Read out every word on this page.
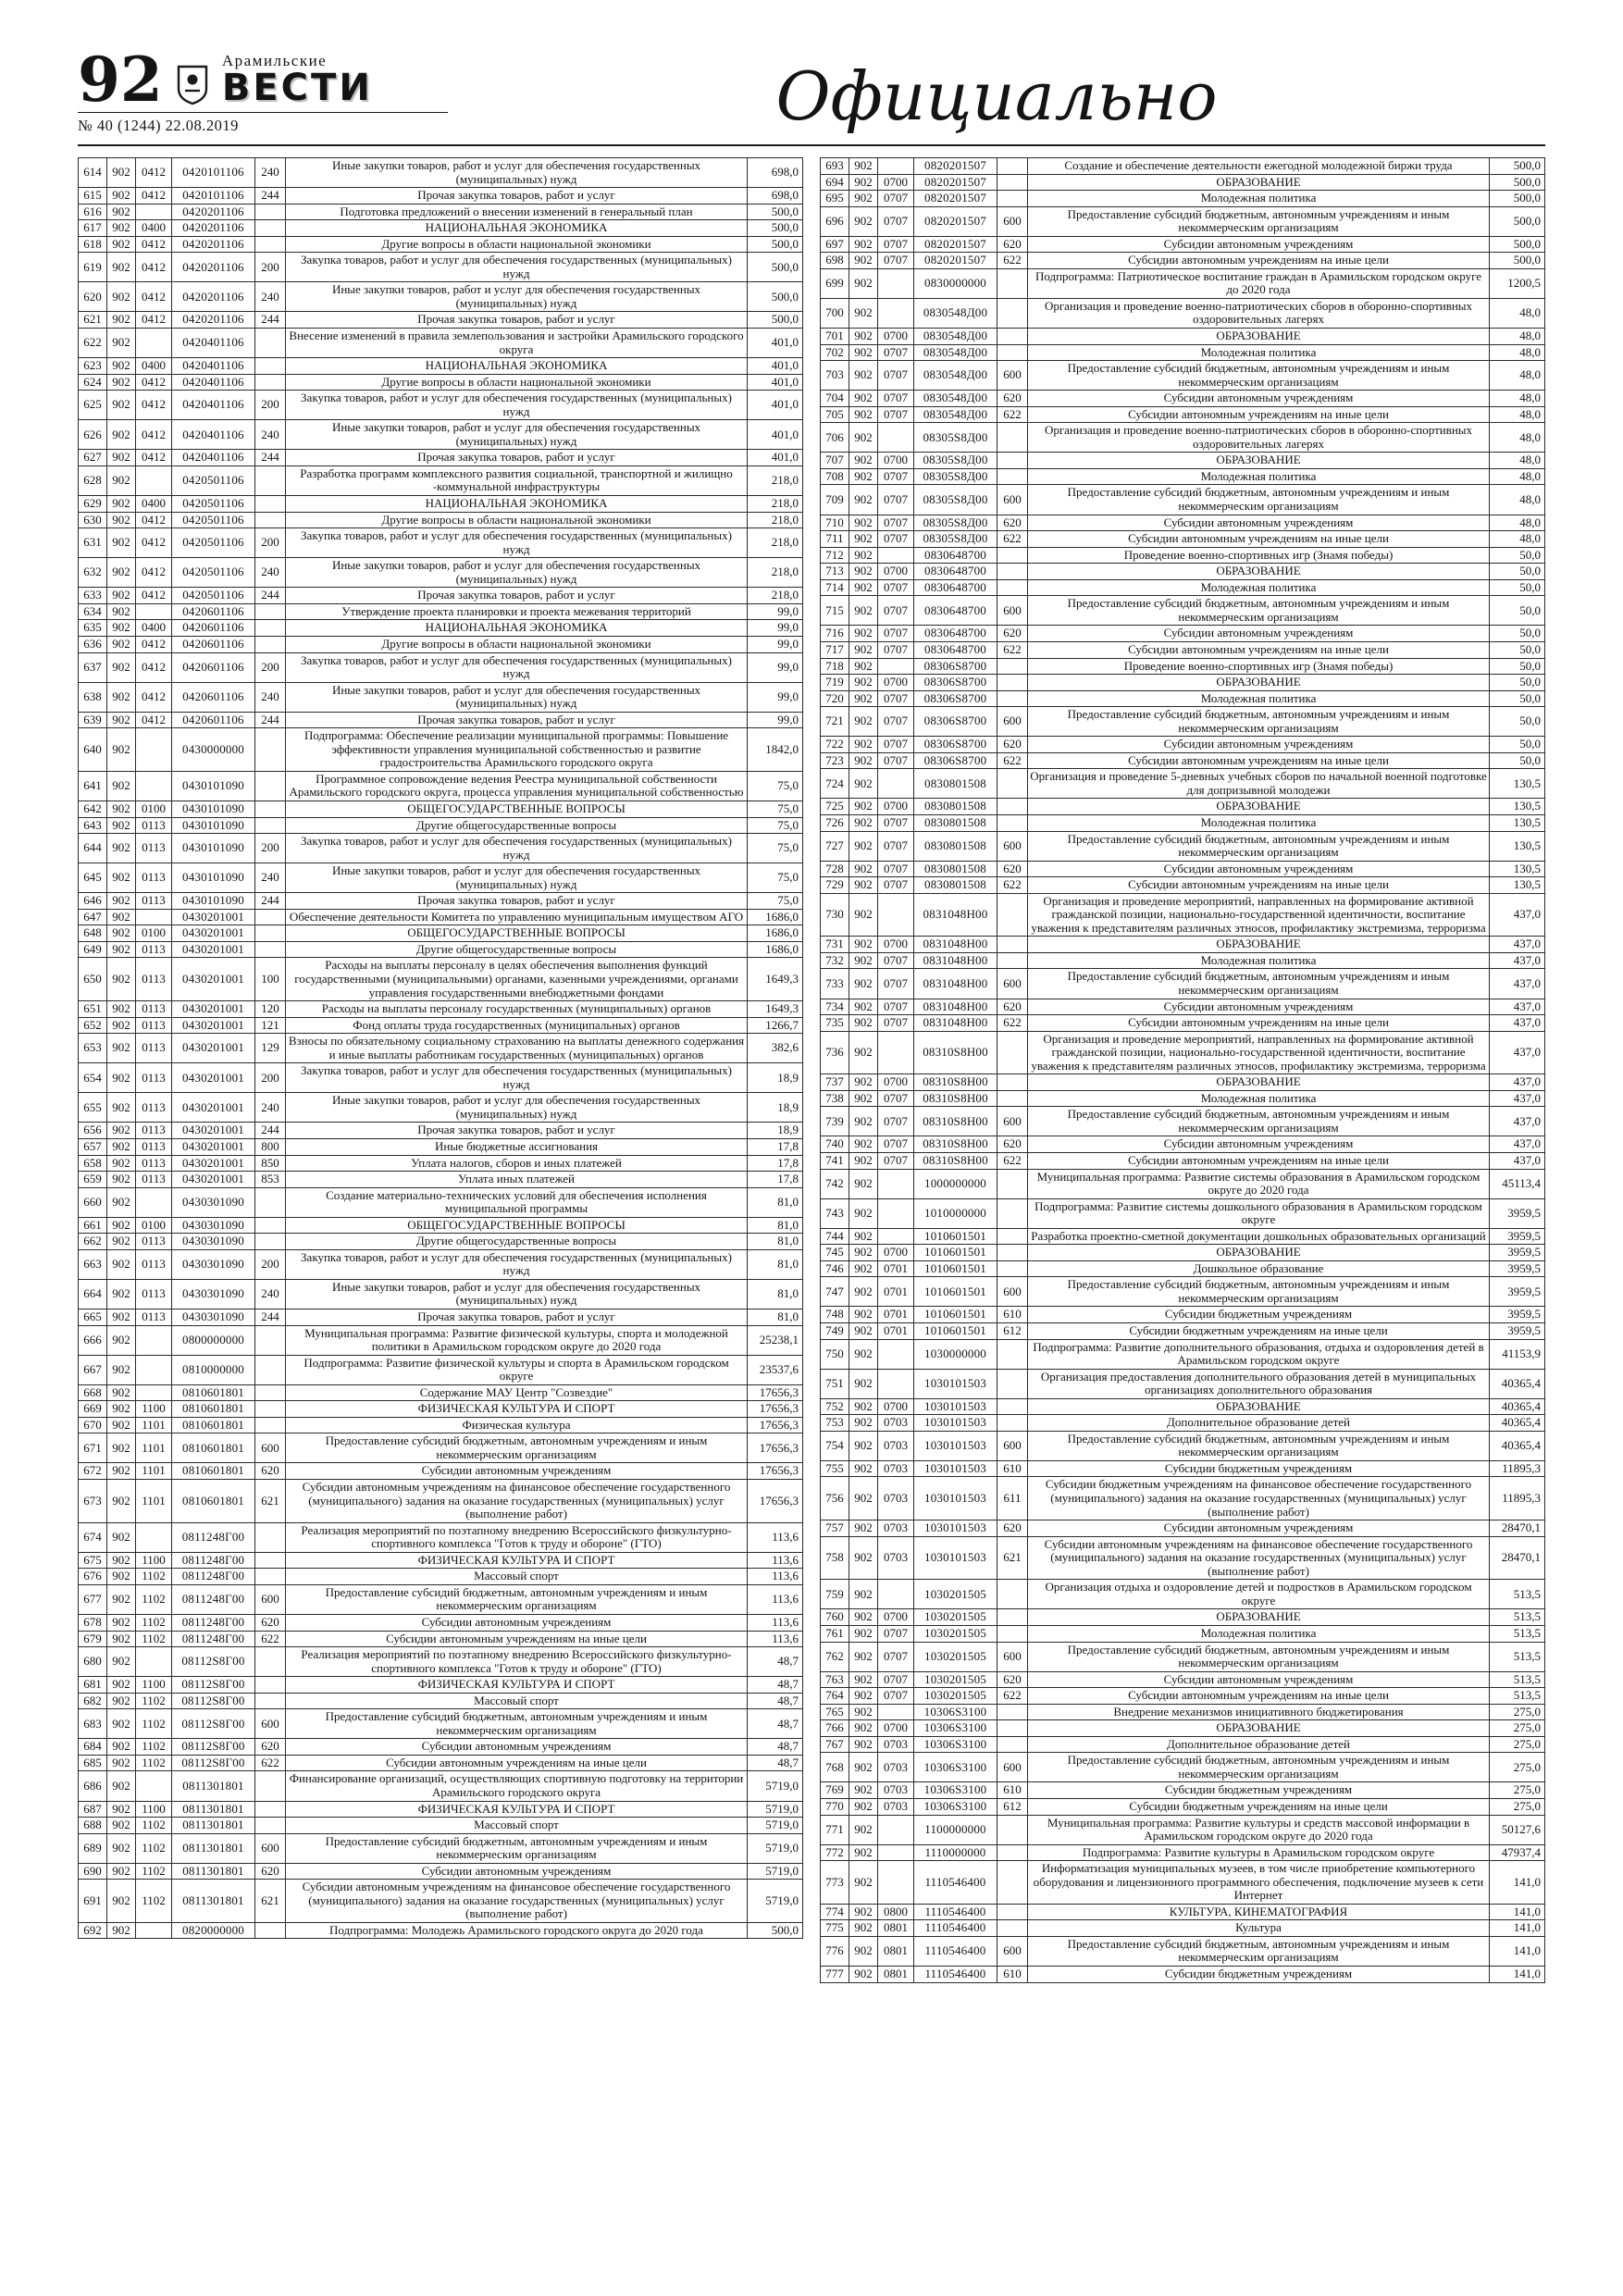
92	Арамильские
ВЕСТИ
№ 40 (1244) 22.08.2019	Официально
614	902	0412	0420101106	240	Иные закупки товаров, работ и услуг для обеспечения государственных (муниципальных) нужд	698,0
615	902	0412	0420101106	244	Прочая закупка товаров, работ и услуг	698,0
616	902		0420201106		Подготовка предложений о внесении изменений в генеральный план	500,0
617	902	0400	0420201106		НАЦИОНАЛЬНАЯ ЭКОНОМИКА	500,0
618	902	0412	0420201106		Другие вопросы в области национальной экономики	500,0
619	902	0412	0420201106	200	Закупка товаров, работ и услуг для обеспечения государственных (муниципальных) нужд	500,0
620	902	0412	0420201106	240	Иные закупки товаров, работ и услуг для обеспечения государственных (муниципальных) нужд	500,0
621	902	0412	0420201106	244	Прочая закупка товаров, работ и услуг	500,0
622	902		0420401106		Внесение изменений в правила землепользования и застройки Арамильского городского округа	401,0
623	902	0400	0420401106		НАЦИОНАЛЬНАЯ ЭКОНОМИКА	401,0
624	902	0412	0420401106		Другие вопросы в области национальной экономики	401,0
625	902	0412	0420401106	200	Закупка товаров, работ и услуг для обеспечения государственных (муниципальных) нужд	401,0
626	902	0412	0420401106	240	Иные закупки товаров, работ и услуг для обеспечения государственных (муниципальных) нужд	401,0
627	902	0412	0420401106	244	Прочая закупка товаров, работ и услуг	401,0
628	902		0420501106		Разработка программ комплексного развития социальной, транспортной и жилищно -коммунальной инфраструктуры	218,0
629	902	0400	0420501106		НАЦИОНАЛЬНАЯ ЭКОНОМИКА	218,0
630	902	0412	0420501106		Другие вопросы в области национальной экономики	218,0
631	902	0412	0420501106	200	Закупка товаров, работ и услуг для обеспечения государственных (муниципальных) нужд	218,0
632	902	0412	0420501106	240	Иные закупки товаров, работ и услуг для обеспечения государственных (муниципальных) нужд	218,0
633	902	0412	0420501106	244	Прочая закупка товаров, работ и услуг	218,0
634	902		0420601106		Утверждение проекта планировки и проекта межевания территорий	99,0
635	902	0400	0420601106		НАЦИОНАЛЬНАЯ ЭКОНОМИКА	99,0
636	902	0412	0420601106		Другие вопросы в области национальной экономики	99,0
637	902	0412	0420601106	200	Закупка товаров, работ и услуг для обеспечения государственных (муниципальных) нужд	99,0
638	902	0412	0420601106	240	Иные закупки товаров, работ и услуг для обеспечения государственных (муниципальных) нужд	99,0
639	902	0412	0420601106	244	Прочая закупка товаров, работ и услуг	99,0
640	902		0430000000		Подпрограмма: Обеспечение реализации муниципальной программы: Повышение эффективности управления муниципальной собственностью и развитие градостроительства Арамильского городского округа	1842,0
641	902		0430101090		Программное сопровождение ведения Реестра муниципальной собственности Арамильского городского округа, процесса управления муниципальной собственностью	75,0
642	902	0100	0430101090		ОБЩЕГОСУДАРСТВЕННЫЕ ВОПРОСЫ	75,0
643	902	0113	0430101090		Другие общегосударственные вопросы	75,0
644	902	0113	0430101090	200	Закупка товаров, работ и услуг для обеспечения государственных (муниципальных) нужд	75,0
645	902	0113	0430101090	240	Иные закупки товаров, работ и услуг для обеспечения государственных (муниципальных) нужд	75,0
646	902	0113	0430101090	244	Прочая закупка товаров, работ и услуг	75,0
647	902		0430201001		Обеспечение деятельности Комитета по управлению муниципальным имуществом АГО	1686,0
648	902	0100	0430201001		ОБЩЕГОСУДАРСТВЕННЫЕ ВОПРОСЫ	1686,0
649	902	0113	0430201001		Другие общегосударственные вопросы	1686,0
650	902	0113	0430201001	100	Расходы на выплаты персоналу в целях обеспечения выполнения функций государственными (муниципальными) органами, казенными учреждениями, органами управления государственными внебюджетными фондами	1649,3
651	902	0113	0430201001	120	Расходы на выплаты персоналу государственных (муниципальных) органов	1649,3
652	902	0113	0430201001	121	Фонд оплаты труда государственных (муниципальных) органов	1266,7
653	902	0113	0430201001	129	Взносы по обязательному социальному страхованию на выплаты денежного содержания и иные выплаты работникам государственных (муниципальных) органов	382,6
654	902	0113	0430201001	200	Закупка товаров, работ и услуг для обеспечения государственных (муниципальных) нужд	18,9
655	902	0113	0430201001	240	Иные закупки товаров, работ и услуг для обеспечения государственных (муниципальных) нужд	18,9
656	902	0113	0430201001	244	Прочая закупка товаров, работ и услуг	18,9
657	902	0113	0430201001	800	Иные бюджетные ассигнования	17,8
658	902	0113	0430201001	850	Уплата налогов, сборов и иных платежей	17,8
659	902	0113	0430201001	853	Уплата иных платежей	17,8
660	902		0430301090		Создание материально-технических условий для обеспечения исполнения муниципальной программы	81,0
661	902	0100	0430301090		ОБЩЕГОСУДАРСТВЕННЫЕ ВОПРОСЫ	81,0
662	902	0113	0430301090		Другие общегосударственные вопросы	81,0
663	902	0113	0430301090	200	Закупка товаров, работ и услуг для обеспечения государственных (муниципальных) нужд	81,0
664	902	0113	0430301090	240	Иные закупки товаров, работ и услуг для обеспечения государственных (муниципальных) нужд	81,0
665	902	0113	0430301090	244	Прочая закупка товаров, работ и услуг	81,0
666	902		0800000000		Муниципальная программа: Развитие физической культуры, спорта и молодежной политики в Арамильском городском округе до 2020 года	25238,1
667	902		0810000000		Подпрограмма: Развитие физической культуры и спорта в Арамильском городском округе	23537,6
668	902		0810601801		Содержание МАУ Центр "Созвездие"	17656,3
669	902	1100	0810601801		ФИЗИЧЕСКАЯ КУЛЬТУРА И СПОРТ	17656,3
670	902	1101	0810601801		Физическая культура	17656,3
671	902	1101	0810601801	600	Предоставление субсидий бюджетным, автономным учреждениям и иным некоммерческим организациям	17656,3
672	902	1101	0810601801	620	Субсидии автономным учреждениям	17656,3
673	902	1101	0810601801	621	Субсидии автономным учреждениям на финансовое обеспечение государственного (муниципального) задания на оказание государственных (муниципальных) услуг (выполнение работ)	17656,3
674	902		0811248Г00		Реализация мероприятий по поэтапному внедрению Всероссийского физкультурно-спортивного комплекса "Готов к труду и обороне" (ГТО)	113,6
675	902	1100	0811248Г00		ФИЗИЧЕСКАЯ КУЛЬТУРА И СПОРТ	113,6
676	902	1102	0811248Г00		Массовый спорт	113,6
677	902	1102	0811248Г00	600	Предоставление субсидий бюджетным, автономным учреждениям и иным некоммерческим организациям	113,6
678	902	1102	0811248Г00	620	Субсидии автономным учреждениям	113,6
679	902	1102	0811248Г00	622	Субсидии автономным учреждениям на иные цели	113,6
680	902		08112S8Г00		Реализация мероприятий по поэтапному внедрению Всероссийского физкультурно-спортивного комплекса "Готов к труду и обороне" (ГТО)	48,7
681	902	1100	08112S8Г00		ФИЗИЧЕСКАЯ КУЛЬТУРА И СПОРТ	48,7
682	902	1102	08112S8Г00		Массовый спорт	48,7
683	902	1102	08112S8Г00	600	Предоставление субсидий бюджетным, автономным учреждениям и иным некоммерческим организациям	48,7
684	902	1102	08112S8Г00	620	Субсидии автономным учреждениям	48,7
685	902	1102	08112S8Г00	622	Субсидии автономным учреждениям на иные цели	48,7
686	902		0811301801		Финансирование организаций, осуществляющих спортивную подготовку на территории Арамильского городского округа	5719,0
687	902	1100	0811301801		ФИЗИЧЕСКАЯ КУЛЬТУРА И СПОРТ	5719,0
688	902	1102	0811301801		Массовый спорт	5719,0
689	902	1102	0811301801	600	Предоставление субсидий бюджетным, автономным учреждениям и иным некоммерческим организациям	5719,0
690	902	1102	0811301801	620	Субсидии автономным учреждениям	5719,0
691	902	1102	0811301801	621	Субсидии автономным учреждениям на финансовое обеспечение государственного (муниципального) задания на оказание государственных (муниципальных) услуг (выполнение работ)	5719,0
692	902		0820000000		Подпрограмма: Молодежь Арамильского городского округа до 2020 года	500,0
693	902		0820201507		Создание и обеспечение деятельности ежегодной молодежной биржи труда	500,0
694	902	0700	0820201507		ОБРАЗОВАНИЕ	500,0
695	902	0707	0820201507		Молодежная политика	500,0
696	902	0707	0820201507	600	Предоставление субсидий бюджетным, автономным учреждениям и иным некоммерческим организациям	500,0
697	902	0707	0820201507	620	Субсидии автономным учреждениям	500,0
698	902	0707	0820201507	622	Субсидии автономным учреждениям на иные цели	500,0
699	902		0830000000		Подпрограмма: Патриотическое воспитание граждан в Арамильском городском округе до 2020 года	1200,5
700	902		0830548Д00		Организация и проведение военно-патриотических сборов в оборонно-спортивных оздоровительных лагерях	48,0
701	902	0700	0830548Д00		ОБРАЗОВАНИЕ	48,0
702	902	0707	0830548Д00		Молодежная политика	48,0
703	902	0707	0830548Д00	600	Предоставление субсидий бюджетным, автономным учреждениям и иным некоммерческим организациям	48,0
704	902	0707	0830548Д00	620	Субсидии автономным учреждениям	48,0
705	902	0707	0830548Д00	622	Субсидии автономным учреждениям на иные цели	48,0
706	902		08305S8Д00		Организация и проведение военно-патриотических сборов в оборонно-спортивных оздоровительных лагерях	48,0
707	902	0700	08305S8Д00		ОБРАЗОВАНИЕ	48,0
708	902	0707	08305S8Д00		Молодежная политика	48,0
709	902	0707	08305S8Д00	600	Предоставление субсидий бюджетным, автономным учреждениям и иным некоммерческим организациям	48,0
710	902	0707	08305S8Д00	620	Субсидии автономным учреждениям	48,0
711	902	0707	08305S8Д00	622	Субсидии автономным учреждениям на иные цели	48,0
712	902		0830648700		Проведение военно-спортивных игр (Знамя победы)	50,0
713	902	0700	0830648700		ОБРАЗОВАНИЕ	50,0
714	902	0707	0830648700		Молодежная политика	50,0
715	902	0707	0830648700	600	Предоставление субсидий бюджетным, автономным учреждениям и иным некоммерческим организациям	50,0
716	902	0707	0830648700	620	Субсидии автономным учреждениям	50,0
717	902	0707	0830648700	622	Субсидии автономным учреждениям на иные цели	50,0
718	902		08306S8700		Проведение военно-спортивных игр (Знамя победы)	50,0
719	902	0700	08306S8700		ОБРАЗОВАНИЕ	50,0
720	902	0707	08306S8700		Молодежная политика	50,0
721	902	0707	08306S8700	600	Предоставление субсидий бюджетным, автономным учреждениям и иным некоммерческим организациям	50,0
722	902	0707	08306S8700	620	Субсидии автономным учреждениям	50,0
723	902	0707	08306S8700	622	Субсидии автономным учреждениям на иные цели	50,0
724	902		0830801508		Организация и проведение 5-дневных учебных сборов по начальной военной подготовке для допризывной молодежи	130,5
725	902	0700	0830801508		ОБРАЗОВАНИЕ	130,5
726	902	0707	0830801508		Молодежная политика	130,5
727	902	0707	0830801508	600	Предоставление субсидий бюджетным, автономным учреждениям и иным некоммерческим организациям	130,5
728	902	0707	0830801508	620	Субсидии автономным учреждениям	130,5
729	902	0707	0830801508	622	Субсидии автономным учреждениям на иные цели	130,5
730	902		0831048Н00		Организация и проведение мероприятий, направленных на формирование активной гражданской позиции, национально-государственной идентичности, воспитание уважения к представителям различных этносов, профилактику экстремизма, терроризма	437,0
731	902	0700	0831048Н00		ОБРАЗОВАНИЕ	437,0
732	902	0707	0831048Н00		Молодежная политика	437,0
733	902	0707	0831048Н00	600	Предоставление субсидий бюджетным, автономным учреждениям и иным некоммерческим организациям	437,0
734	902	0707	0831048Н00	620	Субсидии автономным учреждениям	437,0
735	902	0707	0831048Н00	622	Субсидии автономным учреждениям на иные цели	437,0
736	902		08310S8Н00		Организация и проведение мероприятий, направленных на формирование активной гражданской позиции, национально-государственной идентичности, воспитание уважения к представителям различных этносов, профилактику экстремизма, терроризма	437,0
737	902	0700	08310S8Н00		ОБРАЗОВАНИЕ	437,0
738	902	0707	08310S8Н00		Молодежная политика	437,0
739	902	0707	08310S8Н00	600	Предоставление субсидий бюджетным, автономным учреждениям и иным некоммерческим организациям	437,0
740	902	0707	08310S8Н00	620	Субсидии автономным учреждениям	437,0
741	902	0707	08310S8Н00	622	Субсидии автономным учреждениям на иные цели	437,0
742	902		1000000000		Муниципальная программа: Развитие системы образования в Арамильском городском округе до 2020 года	45113,4
743	902		1010000000		Подпрограмма: Развитие системы дошкольного образования в Арамильском городском округе	3959,5
744	902		1010601501		Разработка проектно-сметной документации дошкольных образовательных организаций	3959,5
745	902	0700	1010601501		ОБРАЗОВАНИЕ	3959,5
746	902	0701	1010601501		Дошкольное образование	3959,5
747	902	0701	1010601501	600	Предоставление субсидий бюджетным, автономным учреждениям и иным некоммерческим организациям	3959,5
748	902	0701	1010601501	610	Субсидии бюджетным учреждениям	3959,5
749	902	0701	1010601501	612	Субсидии бюджетным учреждениям на иные цели	3959,5
750	902		1030000000		Подпрограмма: Развитие дополнительного образования, отдыха и оздоровления детей в Арамильском городском округе	41153,9
751	902		1030101503		Организация предоставления дополнительного образования детей в муниципальных организациях дополнительного образования	40365,4
752	902	0700	1030101503		ОБРАЗОВАНИЕ	40365,4
753	902	0703	1030101503		Дополнительное образование детей	40365,4
754	902	0703	1030101503	600	Предоставление субсидий бюджетным, автономным учреждениям и иным некоммерческим организациям	40365,4
755	902	0703	1030101503	610	Субсидии бюджетным учреждениям	11895,3
756	902	0703	1030101503	611	Субсидии бюджетным учреждениям на финансовое обеспечение государственного (муниципального) задания на оказание государственных (муниципальных) услуг (выполнение работ)	11895,3
757	902	0703	1030101503	620	Субсидии автономным учреждениям	28470,1
758	902	0703	1030101503	621	Субсидии автономным учреждениям на финансовое обеспечение государственного (муниципального) задания на оказание государственных (муниципальных) услуг (выполнение работ)	28470,1
759	902		1030201505		Организация отдыха и оздоровление детей и подростков в Арамильском городском округе	513,5
760	902	0700	1030201505		ОБРАЗОВАНИЕ	513,5
761	902	0707	1030201505		Молодежная политика	513,5
762	902	0707	1030201505	600	Предоставление субсидий бюджетным, автономным учреждениям и иным некоммерческим организациям	513,5
763	902	0707	1030201505	620	Субсидии автономным учреждениям	513,5
764	902	0707	1030201505	622	Субсидии автономным учреждениям на иные цели	513,5
765	902		10306S3100		Внедрение механизмов инициативного бюджетирования	275,0
766	902	0700	10306S3100		ОБРАЗОВАНИЕ	275,0
767	902	0703	10306S3100		Дополнительное образование детей	275,0
768	902	0703	10306S3100	600	Предоставление субсидий бюджетным, автономным учреждениям и иным некоммерческим организациям	275,0
769	902	0703	10306S3100	610	Субсидии бюджетным учреждениям	275,0
770	902	0703	10306S3100	612	Субсидии бюджетным учреждениям на иные цели	275,0
771	902		1100000000		Муниципальная программа: Развитие культуры и средств массовой информации в Арамильском городском округе до 2020 года	50127,6
772	902		1110000000		Подпрограмма: Развитие культуры в Арамильском городском округе	47937,4
773	902		1110546400		Информатизация муниципальных музеев, в том числе приобретение компьютерного оборудования и лицензионного программного обеспечения, подключение музеев к сети Интернет	141,0
774	902	0800	1110546400		КУЛЬТУРА, КИНЕМАТОГРАФИЯ	141,0
775	902	0801	1110546400		Культура	141,0
776	902	0801	1110546400	600	Предоставление субсидий бюджетным, автономным учреждениям и иным некоммерческим организациям	141,0
777	902	0801	1110546400	610	Субсидии бюджетным учреждениям	141,0
